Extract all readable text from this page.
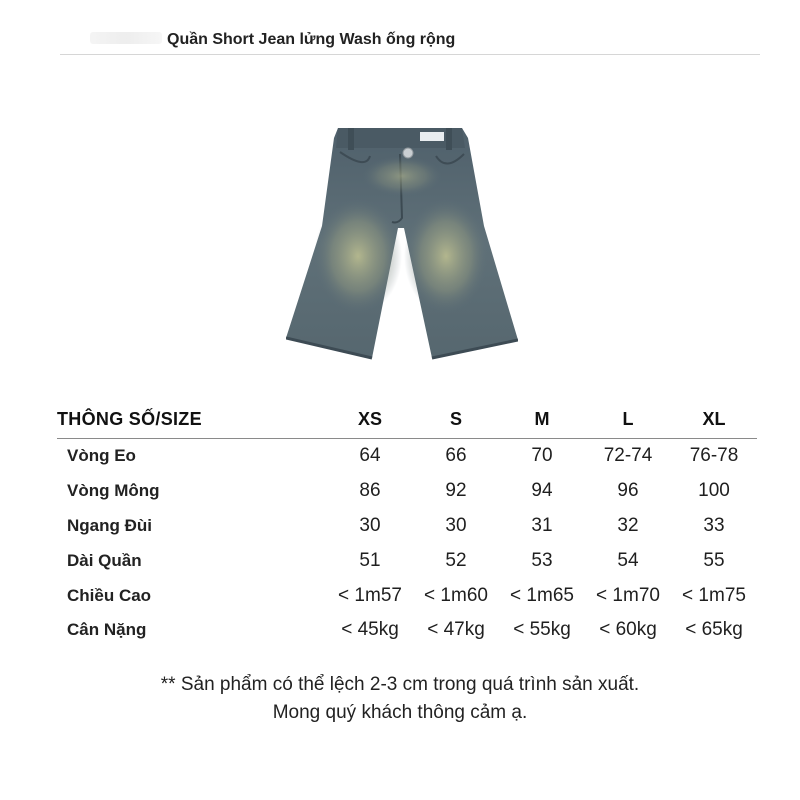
Quần Short Jean lửng Wash ống rộng
THÔNG SỐ/SIZE	XS	S	M	L	XL
Vòng Eo	64	66	70	72-74	76-78
Vòng Mông	86	92	94	96	100
Ngang Đùi	30	30	31	32	33
Dài Quần	51	52	53	54	55
Chiều Cao	< 1m57	< 1m60	< 1m65	< 1m70	< 1m75
Cân Nặng	< 45kg	< 47kg	< 55kg	< 60kg	< 65kg
** Sản phẩm có thể lệch 2-3 cm trong quá trình sản xuất.
Mong quý khách thông cảm ạ.
